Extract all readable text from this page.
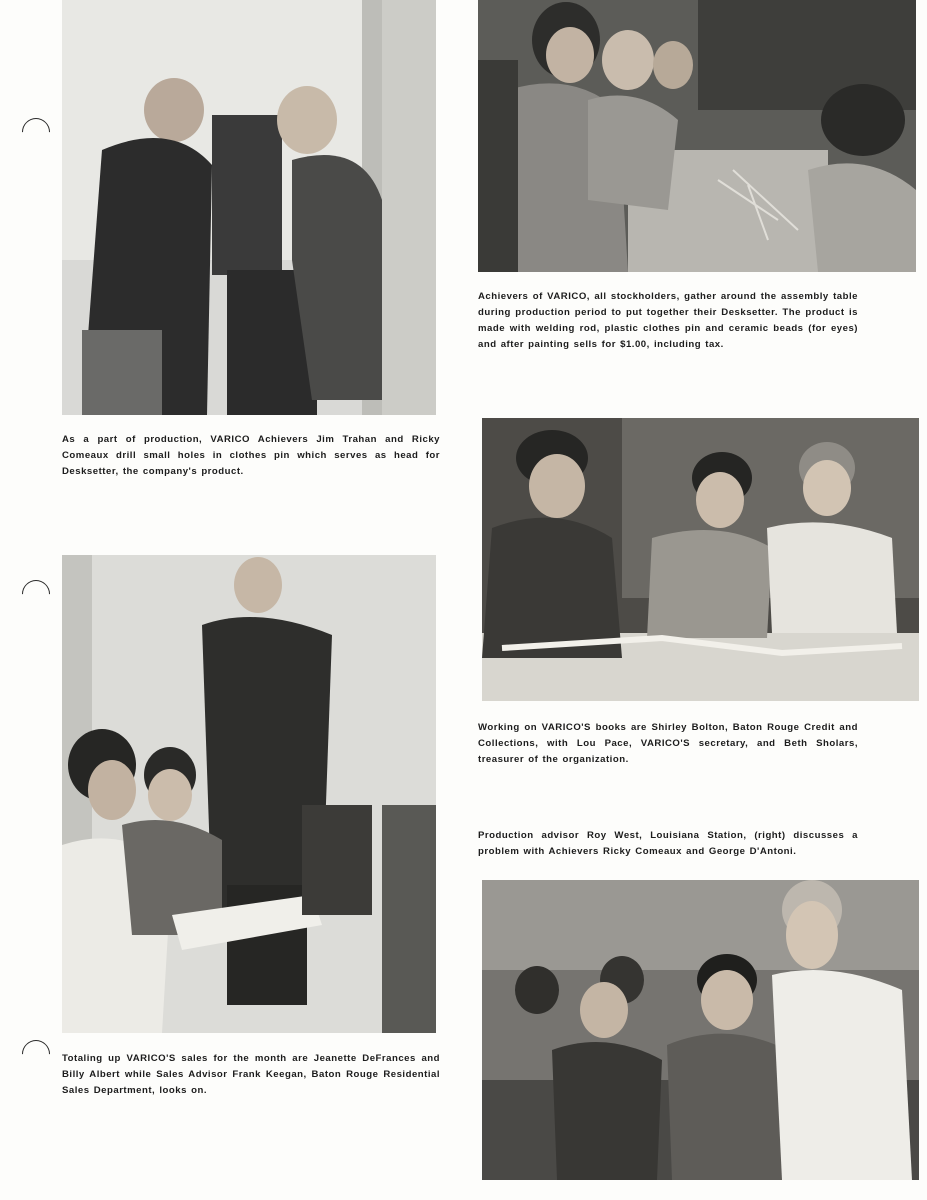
Achievers of VARICO, all stockholders, gather around the assembly table during production period to put together their Desksetter. The product is made with welding rod, plastic clothes pin and ceramic beads (for eyes) and after painting sells for $1.00, including tax.

As a part of production, VARICO Achievers Jim Trahan and Ricky Comeaux drill small holes in clothes pin which serves as head for Desksetter, the company's product.

Working on VARICO'S books are Shirley Bolton, Baton Rouge Credit and Collections, with Lou Pace, VARICO'S secretary, and Beth Sholars, treasurer of the organization.

Totaling up VARICO'S sales for the month are Jeanette DeFrances and Billy Albert while Sales Advisor Frank Keegan, Baton Rouge Residential Sales Department, looks on.

Production advisor Roy West, Louisiana Station, (right) discusses a problem with Achievers Ricky Comeaux and George D'Antoni.
